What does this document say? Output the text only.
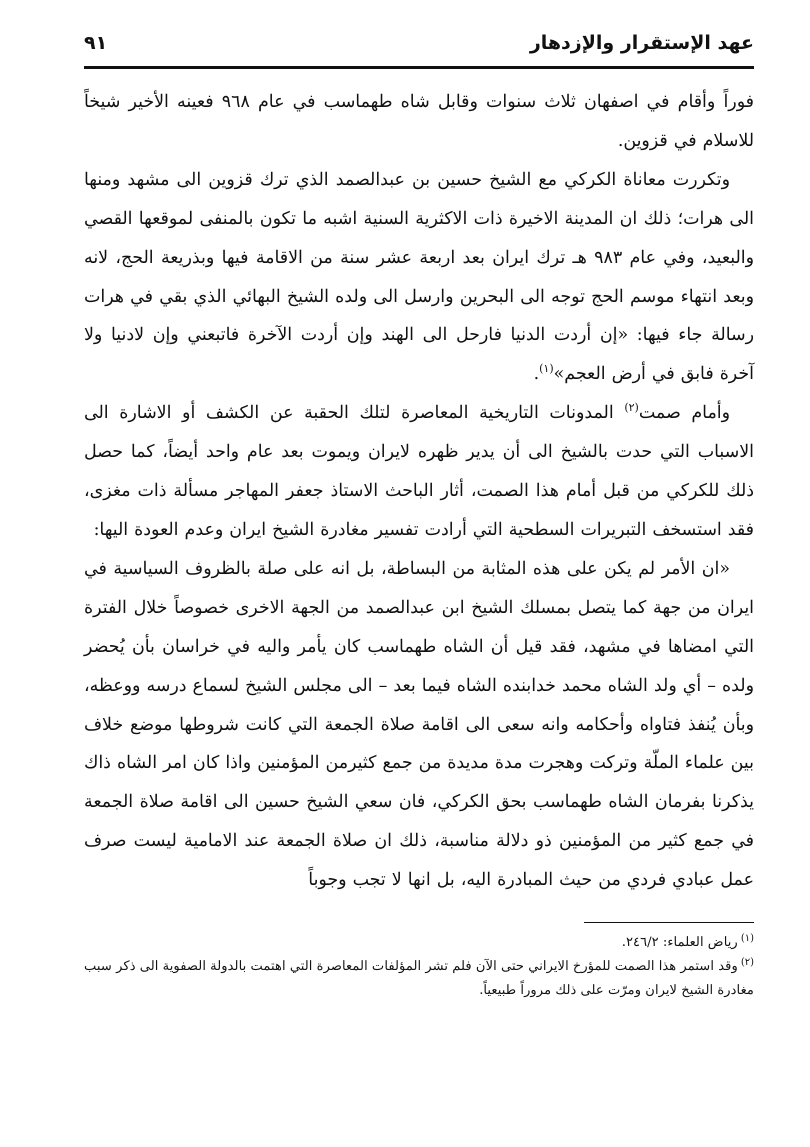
عهد الإستقرار والإزدهار
٩١

فوراً وأقام في اصفهان ثلاث سنوات وقابل شاه طهماسب في عام ٩٦٨ فعينه الأخير شيخاً للاسلام في قزوين.

وتكررت معاناة الكركي مع الشيخ حسين بن عبدالصمد الذي ترك قزوين الى مشهد ومنها الى هرات؛ ذلك ان المدينة الاخيرة ذات الاكثرية السنية اشبه ما تكون بالمنفى لموقعها القصي والبعيد، وفي عام ٩٨٣ هـ ترك ايران بعد اربعة عشر سنة من الاقامة فيها وبذريعة الحج، لانه وبعد انتهاء موسم الحج توجه الى البحرين وارسل الى ولده الشيخ البهائي الذي بقي في هرات رسالة جاء فيها: «إن أردت الدنيا فارحل الى الهند وإن أردت الآخرة فاتبعني وإن لادنيا ولا آخرة فابق في أرض العجم»$^{(١)}$.

وأمام صمت$^{(٢)}$ المدونات التاريخية المعاصرة لتلك الحقبة عن الكشف أو الاشارة الى الاسباب التي حدت بالشيخ الى أن يدير ظهره لايران ويموت بعد عام واحد أيضاً، كما حصل ذلك للكركي من قبل أمام هذا الصمت، أثار الباحث الاستاذ جعفر المهاجر مسألة ذات مغزى، فقد استسخف التبريرات السطحية التي أرادت تفسير مغادرة الشيخ ايران وعدم العودة اليها:

«ان الأمر لم يكن على هذه المثابة من البساطة، بل انه على صلة بالظروف السياسية في ايران من جهة كما يتصل بمسلك الشيخ ابن عبدالصمد من الجهة الاخرى خصوصاً خلال الفترة التي امضاها في مشهد، فقد قيل أن الشاه طهماسب كان يأمر واليه في خراسان بأن يُحضر ولده – أي ولد الشاه محمد خدابنده الشاه فيما بعد – الى مجلس الشيخ لسماع درسه ووعظه، وبأن يُنفذ فتاواه وأحكامه وانه سعى الى اقامة صلاة الجمعة التي كانت شروطها موضع خلاف بين علماء الملّة وتركت وهجرت مدة مديدة من جمع كثيرمن المؤمنين واذا كان امر الشاه ذاك يذكرنا بفرمان الشاه طهماسب بحق الكركي، فان سعي الشيخ حسين الى اقامة صلاة الجمعة في جمع كثير من المؤمنين ذو دلالة مناسبة، ذلك ان صلاة الجمعة عند الامامية ليست صرف عمل عبادي فردي من حيث المبادرة اليه، بل انها لا تجب وجوباً

$^{(١)}$رياض العلماء: ٢٤٦/٢.

$^{(٢)}$وقد استمر هذا الصمت للمؤرخ الايراني حتى الآن فلم تشر المؤلفات المعاصرة التي اهتمت بالدولة الصفوية الى ذكر سبب مغادرة الشيخ لايران ومرّت على ذلك مروراً طبيعياً.
